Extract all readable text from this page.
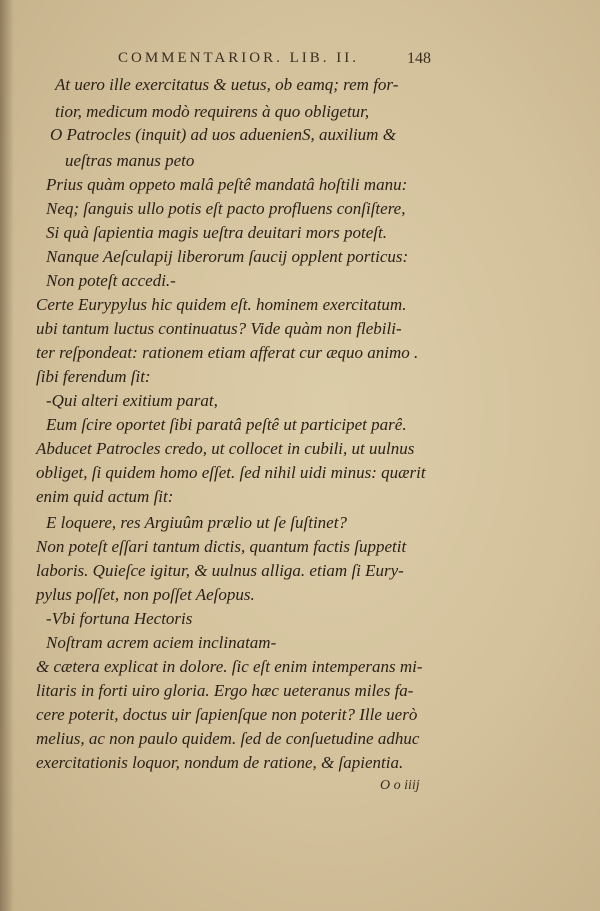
COMMENTARIOR. LIB. II.	148
At uero ille exercitatus & uetus, ob eamq; rem for-
tior, medicum modò requirens à quo obligetur,
O Patrocles (inquit) ad uos aduenienS, auxilium &
ueſtras manus peto
Prius quàm oppeto malâ peſtê mandatâ hoſtili manu:
Neq; ſanguis ullo potis eſt pacto profluens conſiſtere,
Si quà ſapientia magis ueſtra deuitari mors poteſt.
Nanque Aeſculapij liberorum ſaucij opplent porticus:
Non poteſt accedi.-
Certe Eurypylus hic quidem eſt. hominem exercitatum.
ubi tantum luctus continuatus? Vide quàm non flebili-
ter reſpondeat: rationem etiam afferat cur æquo animo .
ſibi ferendum ſit:
-Qui alteri exitium parat,
Eum ſcire oportet ſibi paratâ peſtê ut participet parê.
Abducet Patrocles credo, ut collocet in cubili, ut uulnus
obliget, ſi quidem homo eſſet. ſed nihil uidi minus: quærit
enim quid actum ſit:
E loquere, res Argiuûm prælio ut ſe ſuſtinet?
Non poteſt eſſari tantum dictis, quantum factis ſuppetit
laboris. Quieſce igitur, & uulnus alliga. etiam ſi Eury-
pylus poſſet, non poſſet Aeſopus.
-Vbi fortuna Hectoris
Noſtram acrem aciem inclinatam-
& cætera explicat in dolore. ſic eſt enim intemperans mi-
litaris in forti uiro gloria. Ergo hæc ueteranus miles fa-
cere poterit, doctus uir ſapienſque non poterit? Ille uerò
melius, ac non paulo quidem. ſed de conſuetudine adhuc
exercitationis loquor, nondum de ratione, & ſapientia.
O o iiij
